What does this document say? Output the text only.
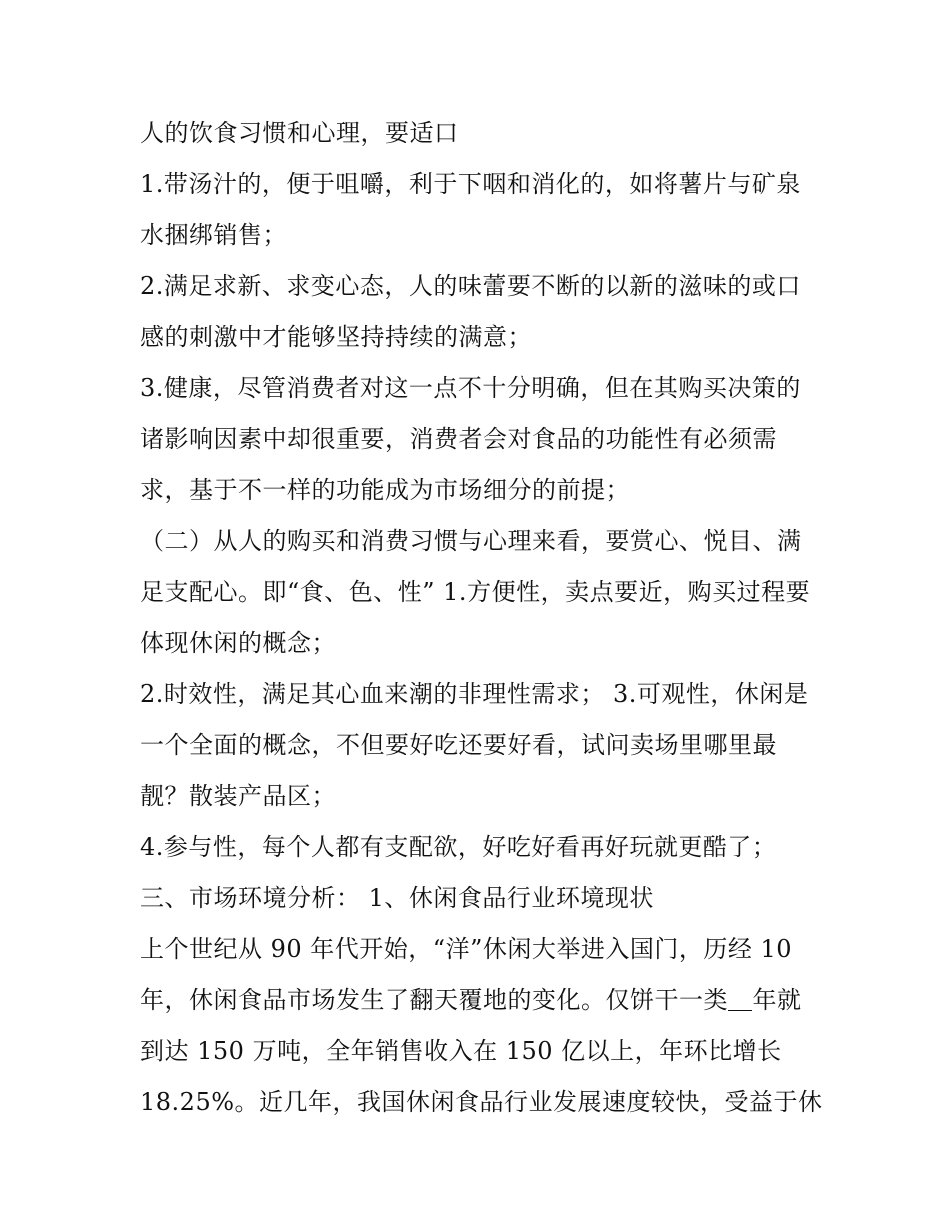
人的饮食习惯和心理，要适口
1.带汤汁的，便于咀嚼，利于下咽和消化的，如将薯片与矿泉
水捆绑销售；
2.满足求新、求变心态，人的味蕾要不断的以新的滋味的或口
感的刺激中才能够坚持持续的满意；
3.健康，尽管消费者对这一点不十分明确，但在其购买决策的
诸影响因素中却很重要，消费者会对食品的功能性有必须需
求，基于不一样的功能成为市场细分的前提；
（二）从人的购买和消费习惯与心理来看，要赏心、悦目、满
足支配心。即“食、色、性” 1.方便性，卖点要近，购买过程要
体现休闲的概念；
2.时效性，满足其心血来潮的非理性需求； 3.可观性，休闲是
一个全面的概念，不但要好吃还要好看，试问卖场里哪里最
靓？散装产品区；
4.参与性，每个人都有支配欲，好吃好看再好玩就更酷了；
三、市场环境分析： 1、休闲食品行业环境现状
上个世纪从 90 年代开始，“洋”休闲大举进入国门，历经 10
年，休闲食品市场发生了翻天覆地的变化。仅饼干一类＿年就
到达 150 万吨，全年销售收入在 150 亿以上，年环比增长
18.25%。近几年，我国休闲食品行业发展速度较快，受益于休
